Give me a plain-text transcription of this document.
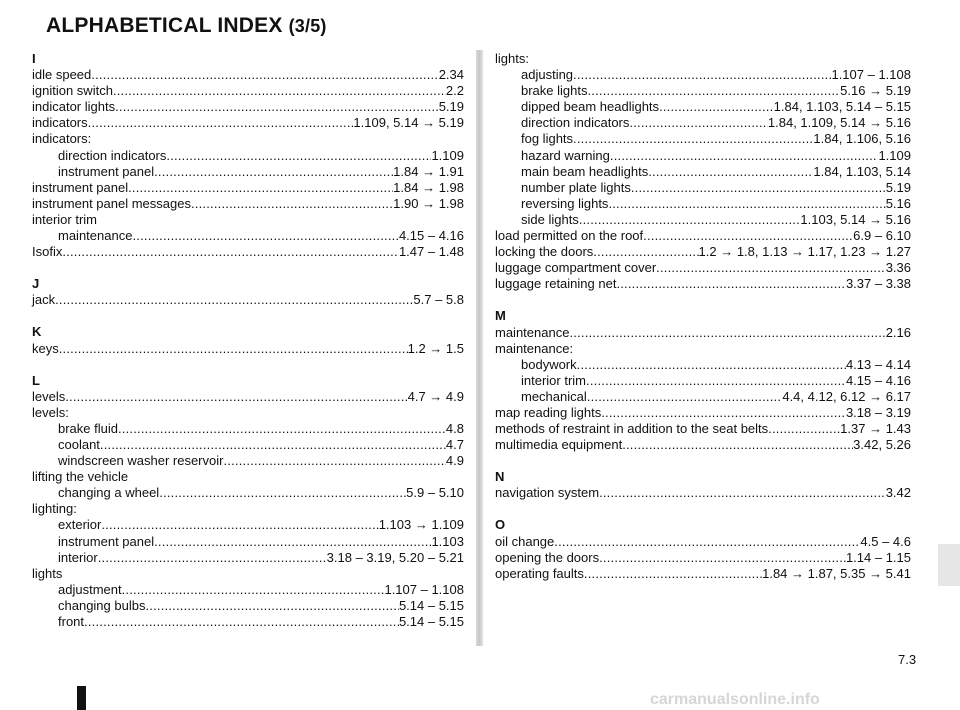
ALPHABETICAL INDEX (3/5)
I
idle speed .....	2.34
ignition switch .....	2.2
indicator lights .....	5.19
indicators .....	1.109, 5.14 → 5.19
indicators:
direction indicators .....	1.109
instrument panel .....	1.84 → 1.91
instrument panel .....	1.84 → 1.98
instrument panel messages .....	1.90 → 1.98
interior trim
maintenance .....	4.15 – 4.16
Isofix .....	1.47 – 1.48
J
jack .....	5.7 – 5.8
K
keys .....	1.2 → 1.5
L
levels .....	4.7 → 4.9
levels:
brake fluid .....	4.8
coolant .....	4.7
windscreen washer reservoir .....	4.9
lifting the vehicle
changing a wheel .....	5.9 – 5.10
lighting:
exterior .....	1.103 → 1.109
instrument panel .....	1.103
interior .....	3.18 – 3.19, 5.20 – 5.21
lights
adjustment .....	1.107 – 1.108
changing bulbs .....	5.14 – 5.15
front .....	5.14 – 5.15
lights:
adjusting .....	1.107 – 1.108
brake lights .....	5.16 → 5.19
dipped beam headlights .....	1.84, 1.103, 5.14 – 5.15
direction indicators .....	1.84, 1.109, 5.14 → 5.16
fog lights .....	1.84, 1.106, 5.16
hazard warning .....	1.109
main beam headlights .....	1.84, 1.103, 5.14
number plate lights .....	5.19
reversing lights .....	5.16
side lights .....	1.103, 5.14 → 5.16
load permitted on the roof .....	6.9 – 6.10
locking the doors .....	1.2 → 1.8, 1.13 → 1.17, 1.23 → 1.27
luggage compartment cover .....	3.36
luggage retaining net .....	3.37 – 3.38
M
maintenance .....	2.16
maintenance:
bodywork .....	4.13 – 4.14
interior trim .....	4.15 – 4.16
mechanical .....	4.4, 4.12, 6.12 → 6.17
map reading lights .....	3.18 – 3.19
methods of restraint in addition to the seat belts .....	1.37 → 1.43
multimedia equipment .....	3.42, 5.26
N
navigation system .....	3.42
O
oil change .....	4.5 – 4.6
opening the doors .....	1.14 – 1.15
operating faults .....	1.84 → 1.87, 5.35 → 5.41
7.3
carmanualsonline.info
